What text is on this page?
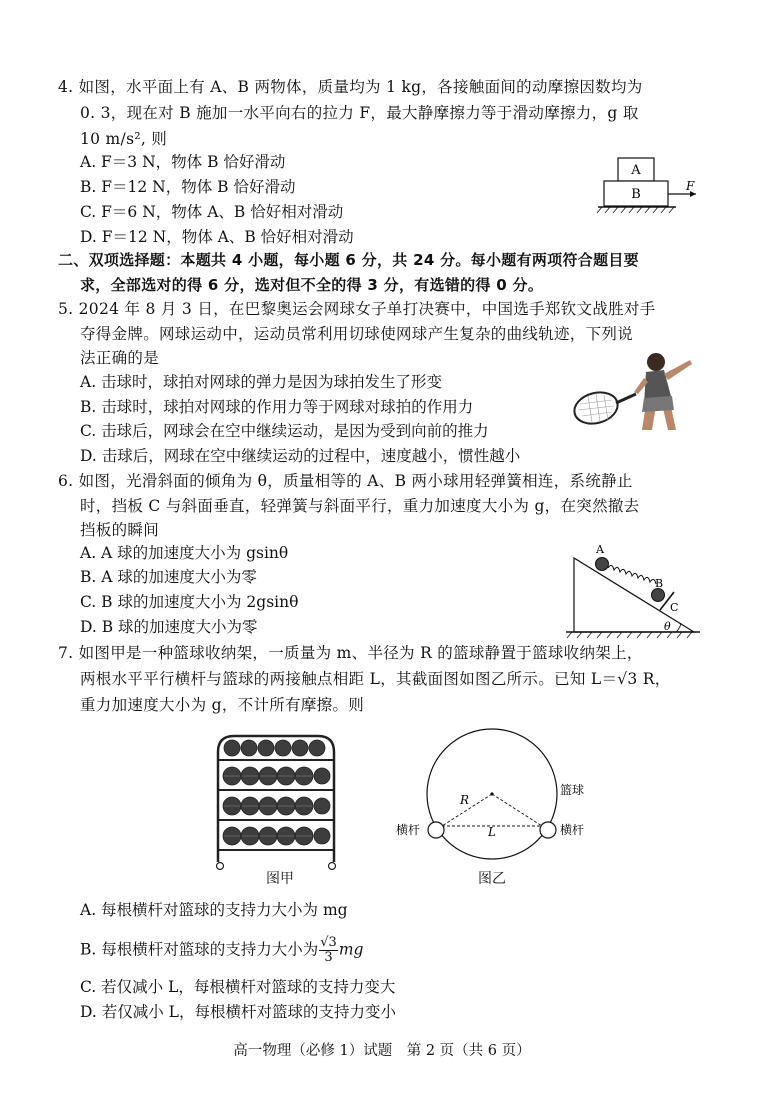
4. 如图，水平面上有 A、B 两物体，质量均为 1 kg，各接触面间的动摩擦因数均为
0. 3，现在对 B 施加一水平向右的拉力 F，最大静摩擦力等于滑动摩擦力，g 取
10 m/s², 则
A. F＝3 N，物体 B 恰好滑动
B. F＝12 N，物体 B 恰好滑动
C. F＝6 N，物体 A、B 恰好相对滑动
D. F＝12 N，物体 A、B 恰好相对滑动
A
B
F
二、双项选择题：本题共 4 小题，每小题 6 分，共 24 分。每小题有两项符合题目要
求，全部选对的得 6 分，选对但不全的得 3 分，有选错的得 0 分。
5. 2024 年 8 月 3 日，在巴黎奥运会网球女子单打决赛中，中国选手郑钦文战胜对手
夺得金牌。网球运动中，运动员常利用切球使网球产生复杂的曲线轨迹，下列说
法正确的是
A. 击球时，球拍对网球的弹力是因为球拍发生了形变
B. 击球时，球拍对网球的作用力等于网球对球拍的作用力
C. 击球后，网球会在空中继续运动，是因为受到向前的推力
D. 击球后，网球在空中继续运动的过程中，速度越小，惯性越小
6. 如图，光滑斜面的倾角为 θ，质量相等的 A、B 两小球用轻弹簧相连，系统静止
时，挡板 C 与斜面垂直，轻弹簧与斜面平行，重力加速度大小为 g，在突然撤去
挡板的瞬间
A. A 球的加速度大小为 gsinθ
B. A 球的加速度大小为零
C. B 球的加速度大小为 2gsinθ
D. B 球的加速度大小为零
A
B
C
θ
7. 如图甲是一种篮球收纳架，一质量为 m、半径为 R 的篮球静置于篮球收纳架上，
两根水平平行横杆与篮球的两接触点相距 L，其截面图如图乙所示。已知 L＝√3 R，
重力加速度大小为 g，不计所有摩擦。则
图甲
R
L
篮球
横杆	横杆
图乙
A. 每根横杆对篮球的支持力大小为 mg
B. 每根横杆对篮球的支持力大小为 $\frac{√3}{3}$ mg
C. 若仅减小 L，每根横杆对篮球的支持力变大
D. 若仅减小 L，每根横杆对篮球的支持力变小
高一物理（必修 1）试题　第 2 页（共 6 页）
